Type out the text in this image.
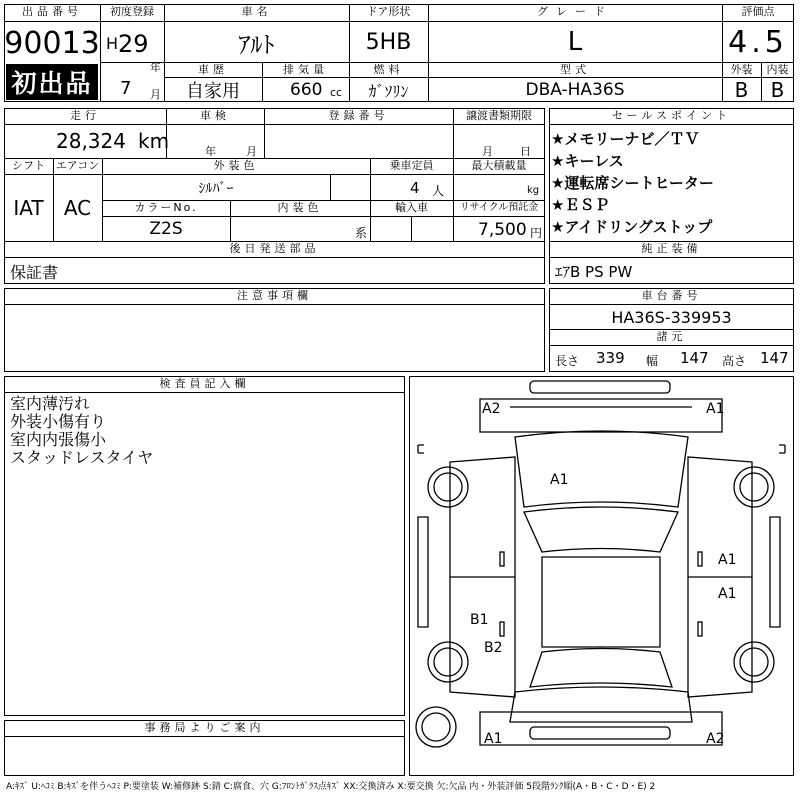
出品番号
90013
初出品
初度登録
H 29
年
7 月
車名
ｱﾙﾄ
ドア形状
5HB
グレード
L
評価点
4.5
車歴
自家用
排気量
660 cc
燃料
ｶﾞｿﾘﾝ
型式
DBA-HA36S
外装	内装
B	B
走行
28,324 km
車検
年	月
登録番号	譲渡書類期限
月 日
シフト
IAT
エアコン
AC
外装色
ｼﾙﾊﾞｰ
乗車定員
4 人
最大積載量
kg
カラーNo.
Z2S
内装色
系
輸入車	リサイクル預託金
7,500 円
後日発送部品
保証書
セールスポイント
★メモリーナビ／ＴＶ
★キーレス
★運転席シートヒーター
★ＥＳＰ
★アイドリングストップ
純正装備
ｴｱB PS PW
注意事項欄	車台番号
HA36S-339953
諸元
長さ 339 幅 147 高さ 147
検査員記入欄
室内薄汚れ
外装小傷有り
室内内張傷小
スタッドレスタイヤ
事務局よりご案内
A2	A1
A1
A1
A1
B1
B2
A1	A2
A:ｷｽﾞ U:ﾍｺﾐ B:ｷｽﾞを伴うﾍｺﾐ P:要塗装 W:補修跡 S:錆 C:腐食、穴 G:ﾌﾛﾝﾄｶﾞﾗｽ点ｷｽﾞ XX:交換済み X:要交換 欠:欠品 内・外装評価 5段階ﾗﾝｸ順(A・B・C・D・E) 2
